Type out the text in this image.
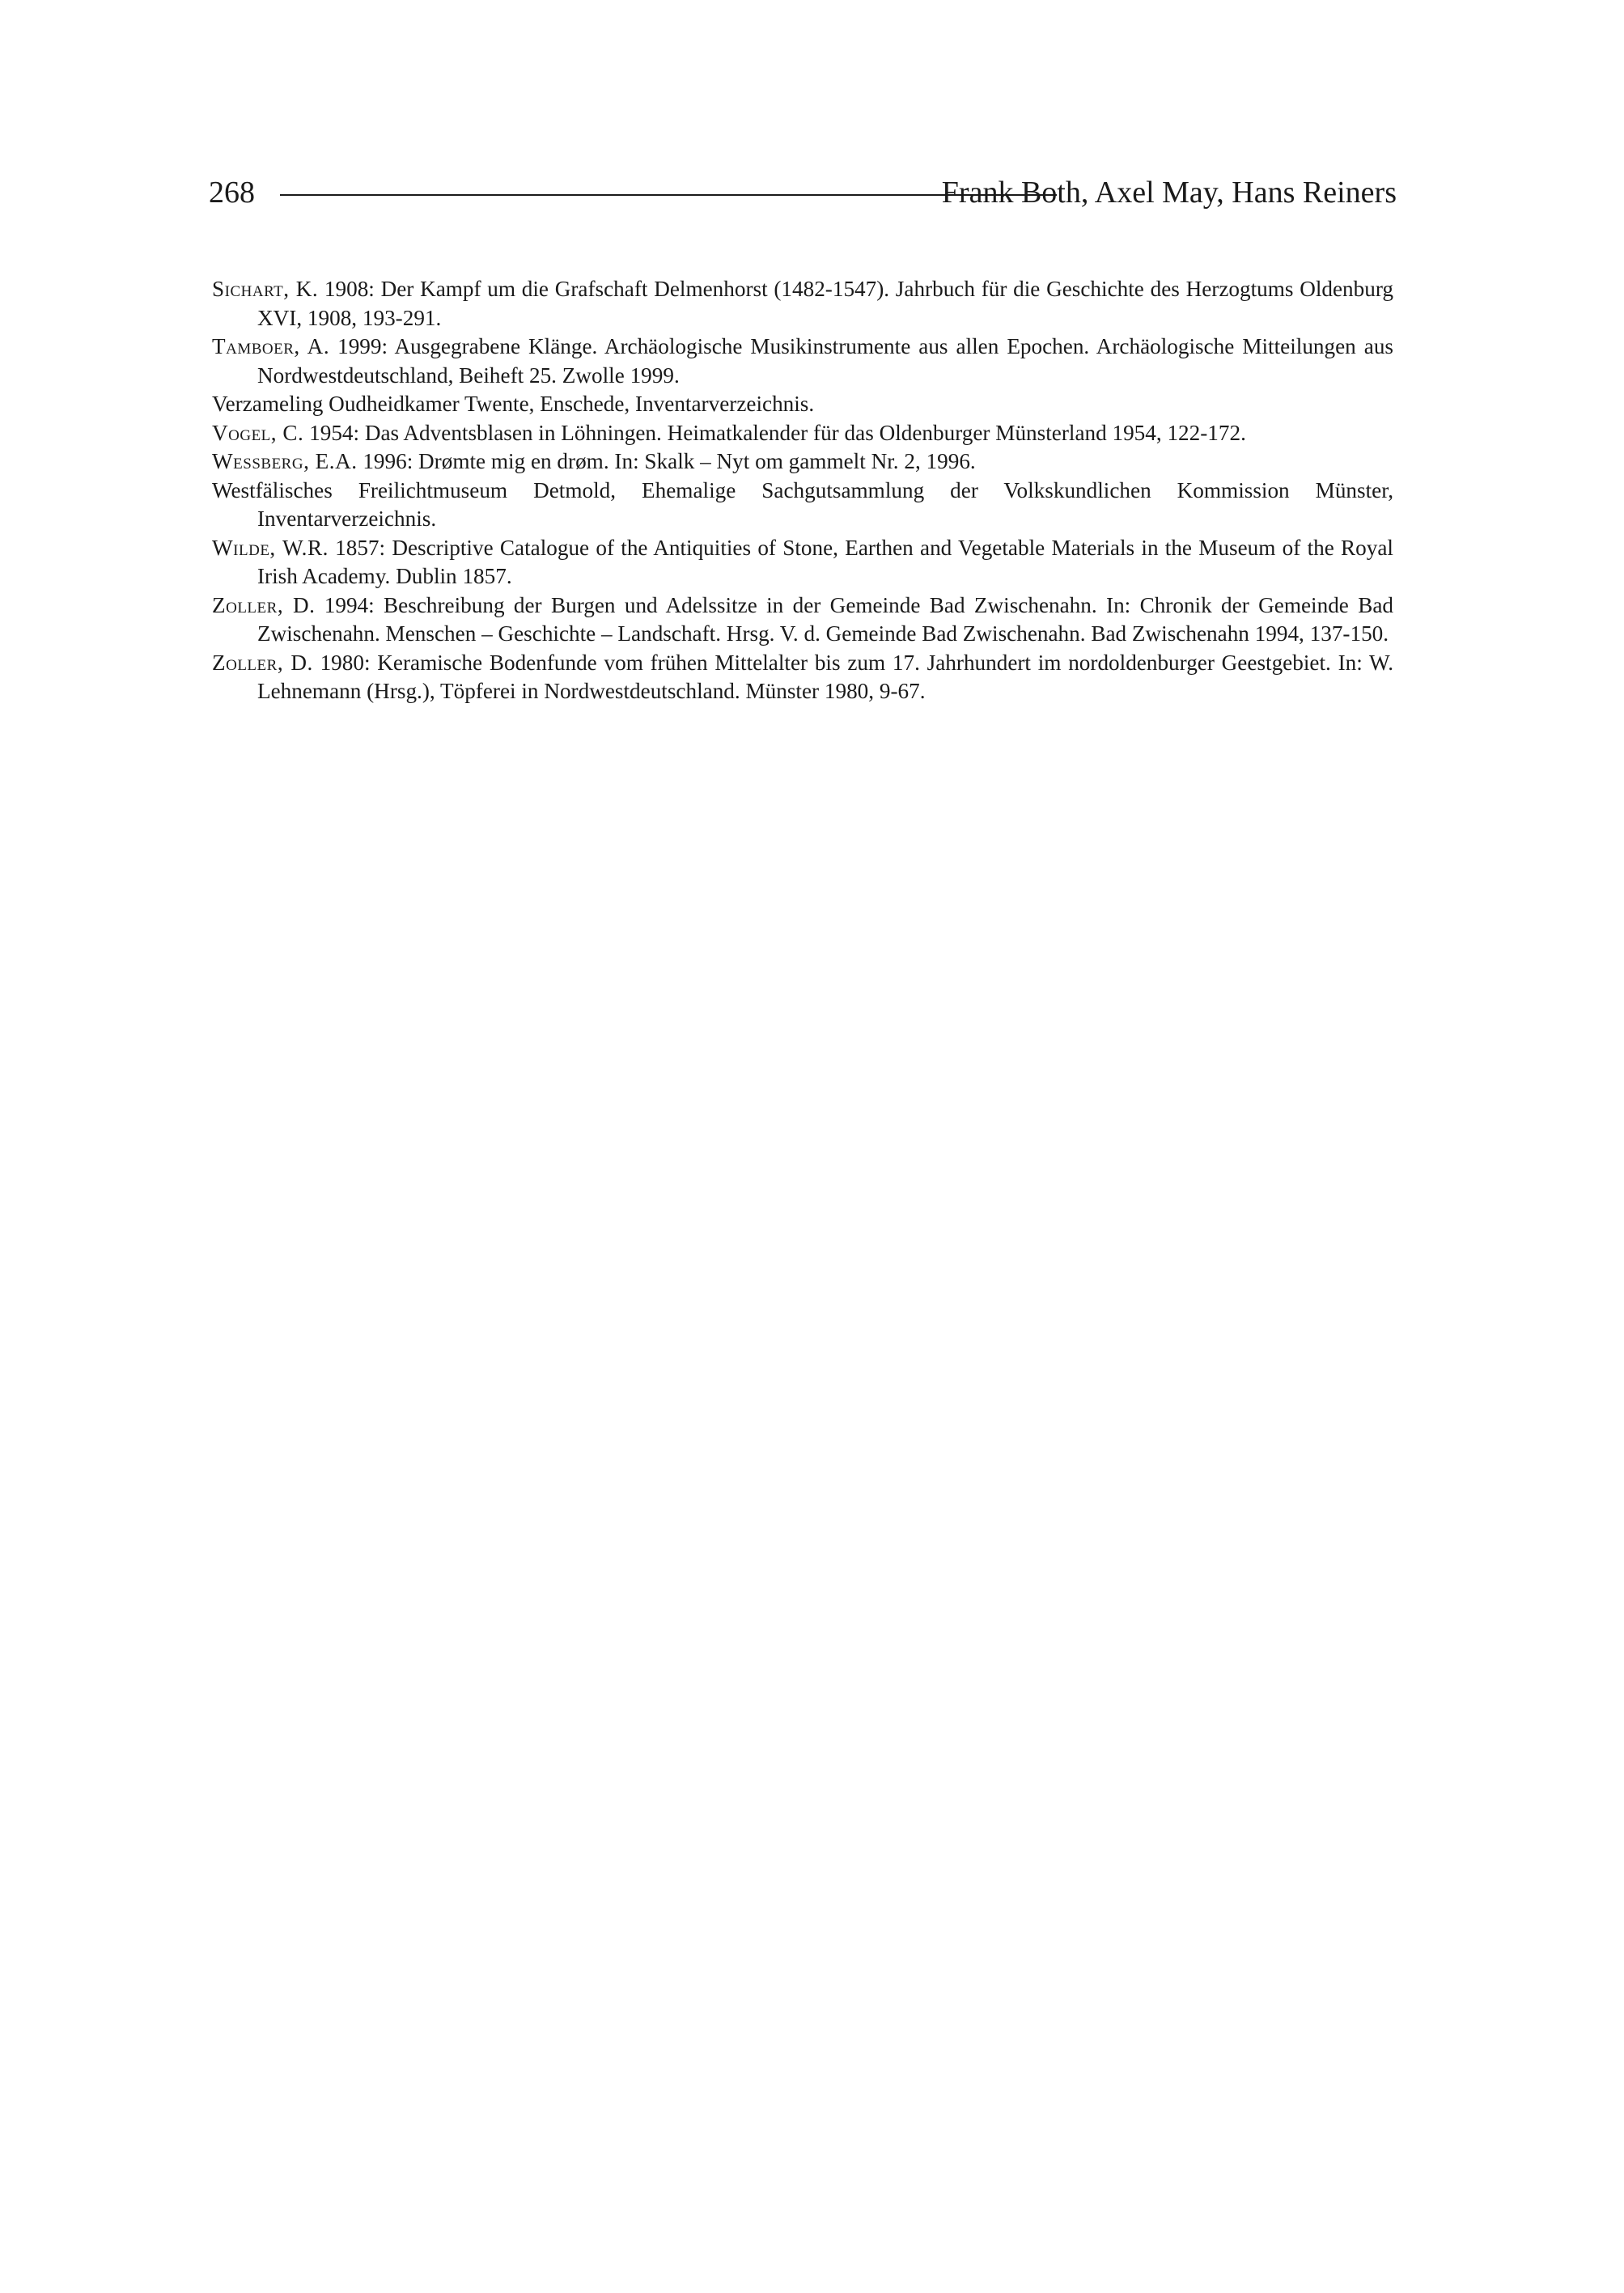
268	Frank Both, Axel May, Hans Reiners
Sichart, K. 1908: Der Kampf um die Grafschaft Delmenhorst (1482-1547). Jahrbuch für die Geschichte des Herzogtums Oldenburg XVI, 1908, 193-291.
Tamboer, A. 1999: Ausgegrabene Klänge. Archäologische Musikinstrumente aus allen Epochen. Archäologische Mitteilungen aus Nordwestdeutschland, Beiheft 25. Zwolle 1999.
Verzameling Oudheidkamer Twente, Enschede, Inventarverzeichnis.
Vogel, C. 1954: Das Adventsblasen in Löhningen. Heimatkalender für das Oldenburger Münsterland 1954, 122-172.
Wessberg, E.A. 1996: Drømte mig en drøm. In: Skalk – Nyt om gammelt Nr. 2, 1996.
Westfälisches Freilichtmuseum Detmold, Ehemalige Sachgutsammlung der Volkskundlichen Kommission Münster, Inventarverzeichnis.
Wilde, W.R. 1857: Descriptive Catalogue of the Antiquities of Stone, Earthen and Vegetable Materials in the Museum of the Royal Irish Academy. Dublin 1857.
Zoller, D. 1994: Beschreibung der Burgen und Adelssitze in der Gemeinde Bad Zwischenahn. In: Chronik der Gemeinde Bad Zwischenahn. Menschen – Geschichte – Landschaft. Hrsg. V. d. Gemeinde Bad Zwischenahn. Bad Zwischenahn 1994, 137-150.
Zoller, D. 1980: Keramische Bodenfunde vom frühen Mittelalter bis zum 17. Jahrhundert im nordoldenburger Geestgebiet. In: W. Lehnemann (Hrsg.), Töpferei in Nordwestdeutschland. Münster 1980, 9-67.
